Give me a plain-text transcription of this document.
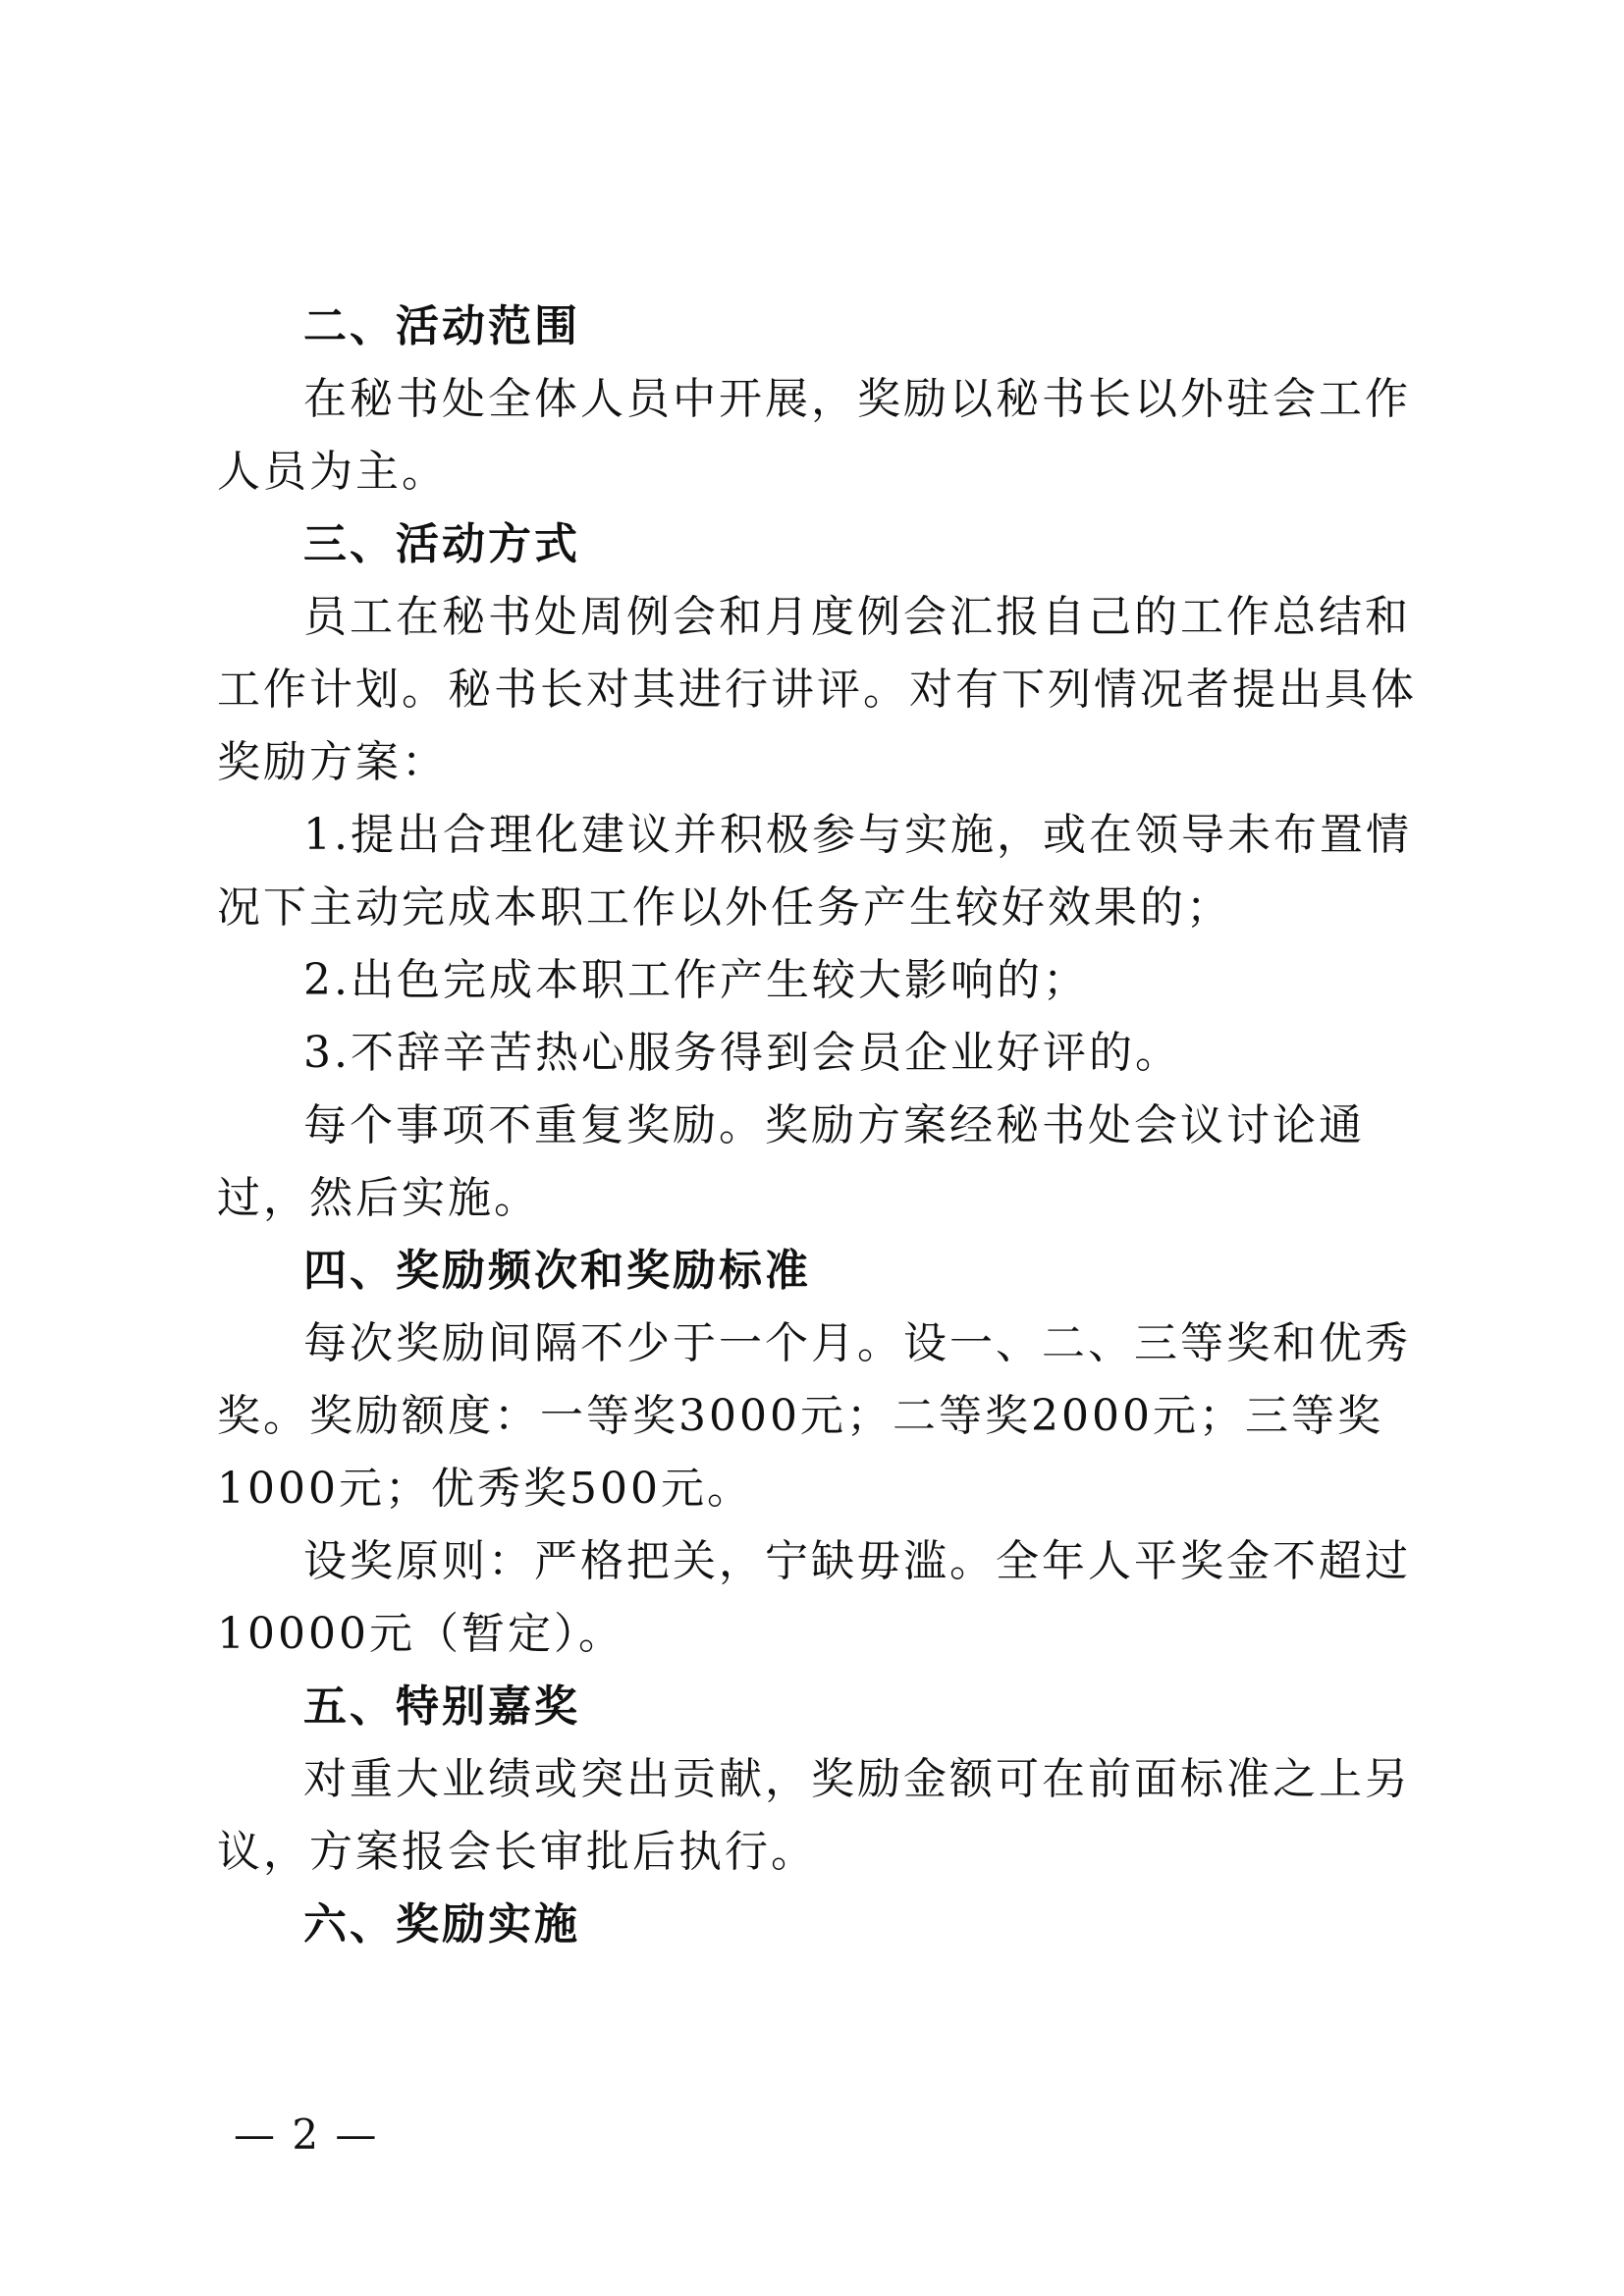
二、活动范围

在秘书处全体人员中开展，奖励以秘书长以外驻会工作人员为主。

三、活动方式

员工在秘书处周例会和月度例会汇报自己的工作总结和工作计划。秘书长对其进行讲评。对有下列情况者提出具体奖励方案：

1.提出合理化建议并积极参与实施，或在领导未布置情况下主动完成本职工作以外任务产生较好效果的；

2.出色完成本职工作产生较大影响的；

3.不辞辛苦热心服务得到会员企业好评的。

每个事项不重复奖励。奖励方案经秘书处会议讨论通过，然后实施。

四、奖励频次和奖励标准

每次奖励间隔不少于一个月。设一、二、三等奖和优秀奖。奖励额度：一等奖3000元；二等奖2000元；三等奖1000元；优秀奖500元。

设奖原则：严格把关，宁缺毋滥。全年人平奖金不超过10000元（暂定）。

五、特别嘉奖

对重大业绩或突出贡献，奖励金额可在前面标准之上另议，方案报会长审批后执行。

六、奖励实施
— 2 —
